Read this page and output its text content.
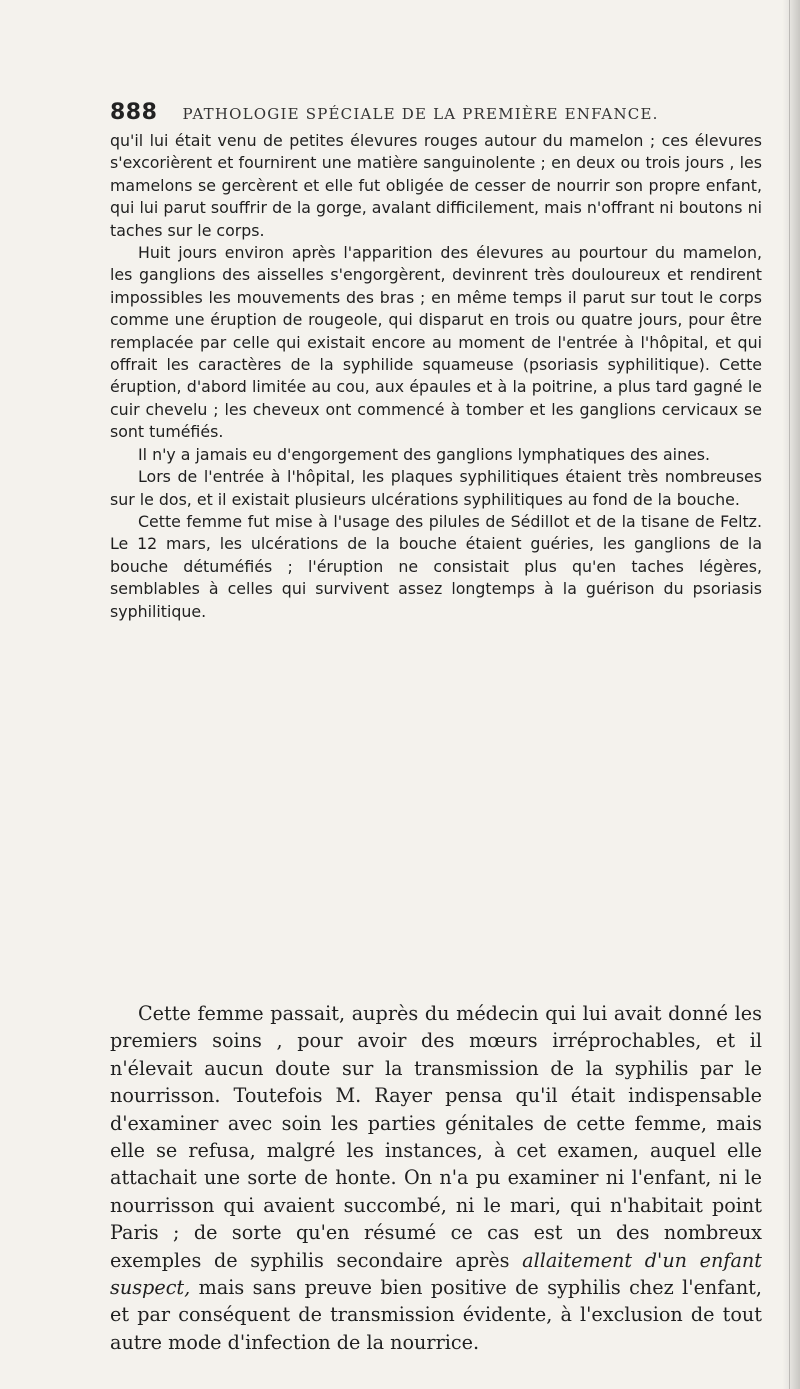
888 PATHOLOGIE SPÉCIALE DE LA PREMIÈRE ENFANCE.

qu'il lui était venu de petites élevures rouges autour du mamelon ; ces élevures s'excorièrent et fournirent une matière sanguinolente ; en deux ou trois jours , les mamelons se gercèrent et elle fut obligée de cesser de nourrir son propre enfant, qui lui parut souffrir de la gorge, avalant difficilement, mais n'offrant ni boutons ni taches sur le corps.

Huit jours environ après l'apparition des élevures au pourtour du mamelon, les ganglions des aisselles s'engorgèrent, devinrent très douloureux et rendirent impossibles les mouvements des bras ; en même temps il parut sur tout le corps comme une éruption de rougeole, qui disparut en trois ou quatre jours, pour être remplacée par celle qui existait encore au moment de l'entrée à l'hôpital, et qui offrait les caractères de la syphilide squameuse (psoriasis syphilitique). Cette éruption, d'abord limitée au cou, aux épaules et à la poitrine, a plus tard gagné le cuir chevelu ; les cheveux ont commencé à tomber et les ganglions cervicaux se sont tuméfiés.

Il n'y a jamais eu d'engorgement des ganglions lymphatiques des aines.

Lors de l'entrée à l'hôpital, les plaques syphilitiques étaient très nombreuses sur le dos, et il existait plusieurs ulcérations syphilitiques au fond de la bouche.

Cette femme fut mise à l'usage des pilules de Sédillot et de la tisane de Feltz. Le 12 mars, les ulcérations de la bouche étaient guéries, les ganglions de la bouche détuméfiés ; l'éruption ne consistait plus qu'en taches légères, semblables à celles qui survivent assez longtemps à la guérison du psoriasis syphilitique.

Cette femme passait, auprès du médecin qui lui avait donné les premiers soins , pour avoir des mœurs irréprochables, et il n'élevait aucun doute sur la transmission de la syphilis par le nourrisson. Toutefois M. Rayer pensa qu'il était indispensable d'examiner avec soin les parties génitales de cette femme, mais elle se refusa, malgré les instances, à cet examen, auquel elle attachait une sorte de honte. On n'a pu examiner ni l'enfant, ni le nourrisson qui avaient succombé, ni le mari, qui n'habitait point Paris ; de sorte qu'en résumé ce cas est un des nombreux exemples de syphilis secondaire après allaitement d'un enfant suspect, mais sans preuve bien positive de syphilis chez l'enfant, et par conséquent de transmission évidente, à l'exclusion de tout autre mode d'infection de la nourrice.
